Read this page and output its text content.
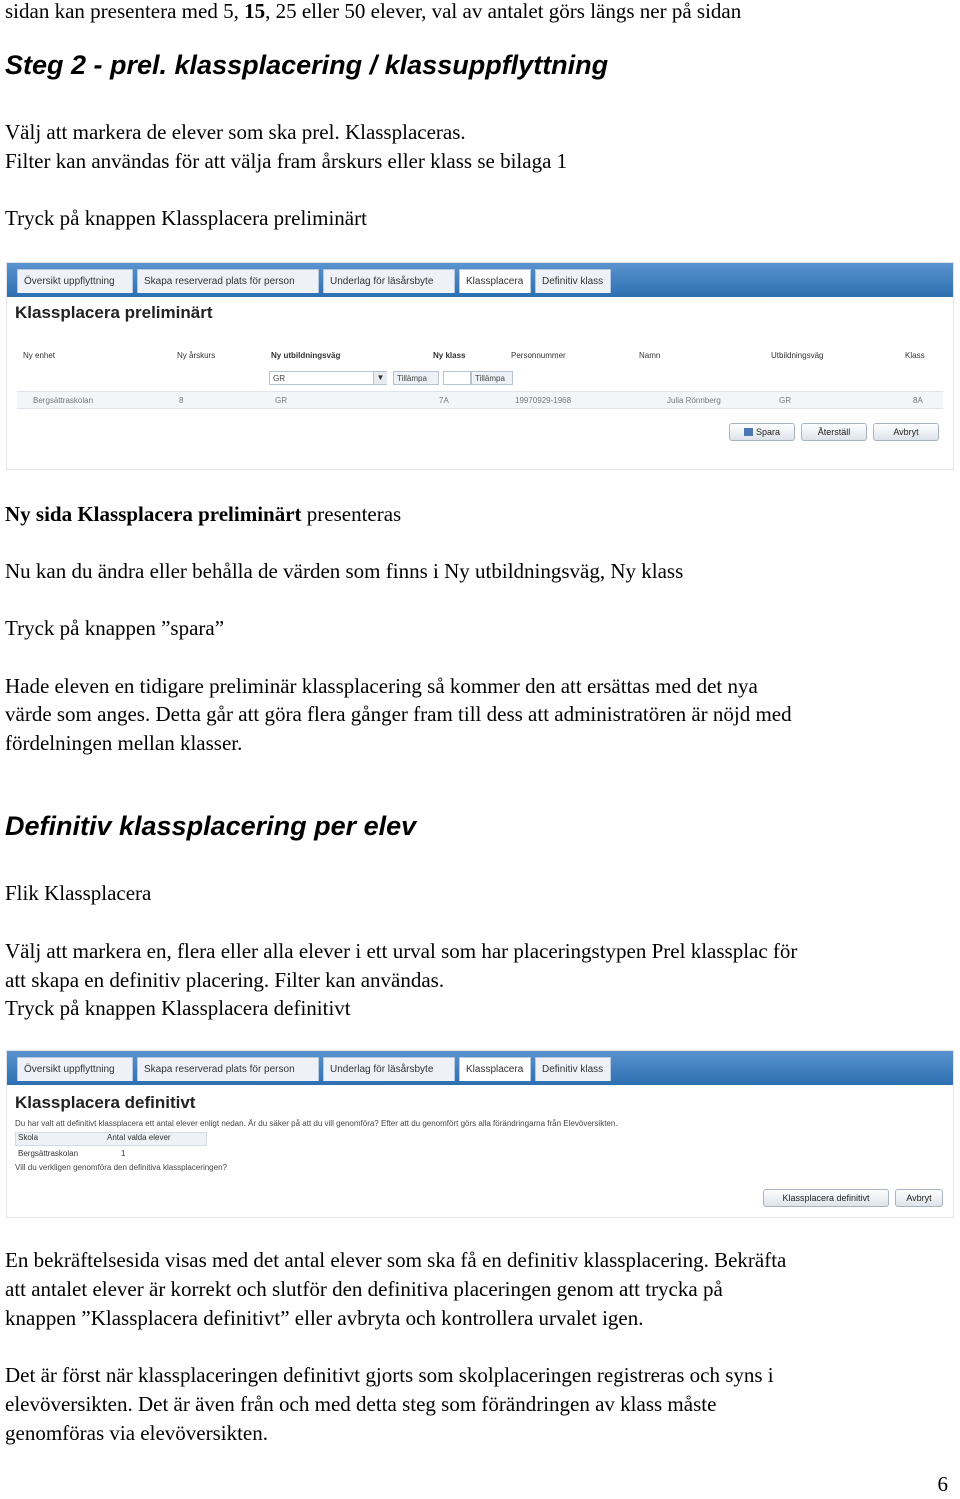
sidan kan presentera med 5, 15, 25 eller 50 elever, val av antalet görs längs ner på sidan

Steg 2 - prel. klassplacering / klassuppflyttning

Välj att markera de elever som ska prel. Klassplaceras.

Filter kan användas för att välja fram årskurs eller klass se bilaga 1

Tryck på knappen Klassplacera preliminärt

Översikt uppflyttning	Skapa reserverad plats för person	Underlag för läsårsbyte	Klassplacera	Definitiv klass
Klassplacera preliminärt
Ny enhet	Ny årskurs	Ny utbildningsväg	Ny klass	Personnummer	Namn	Utbildningsväg	Klass
GR	▼	Tillämpa	Tillämpa
Bergsättraskolan	8	GR	7A	19970929-1968	Julia Rönnberg	GR	8A
Spara	Återställ	Avbryt

Ny sida Klassplacera preliminärt presenteras

Nu kan du ändra eller behålla de värden som finns i Ny utbildningsväg, Ny klass

Tryck på knappen ”spara”

Hade eleven en tidigare preliminär klassplacering så kommer den att ersättas med det nya

värde som anges. Detta går att göra flera gånger fram till dess att administratören är nöjd med

fördelningen mellan klasser.

Definitiv klassplacering per elev

Flik Klassplacera

Välj att markera en, flera eller alla elever i ett urval som har placeringstypen Prel klassplac för

att skapa en definitiv placering. Filter kan användas.

Tryck på knappen Klassplacera definitivt

Översikt uppflyttning	Skapa reserverad plats för person	Underlag för läsårsbyte	Klassplacera	Definitiv klass
Klassplacera definitivt
Du har valt att definitivt klassplacera ett antal elever enligt nedan. Är du säker på att du vill genomföra? Efter att du genomfört görs alla förändringarna från Elevöversikten.
Skola	Antal valda elever
Bergsättraskolan	1
Vill du verkligen genomföra den definitiva klassplaceringen?
Klassplacera definitivt	Avbryt

En bekräftelsesida visas med det antal elever som ska få en definitiv klassplacering. Bekräfta

att antalet elever är korrekt och slutför den definitiva placeringen genom att trycka på

knappen ”Klassplacera definitivt” eller avbryta och kontrollera urvalet igen.

Det är först när klassplaceringen definitivt gjorts som skolplaceringen registreras och syns i

elevöversikten. Det är även från och med detta steg som förändringen av klass måste

genomföras via elevöversikten.

6
